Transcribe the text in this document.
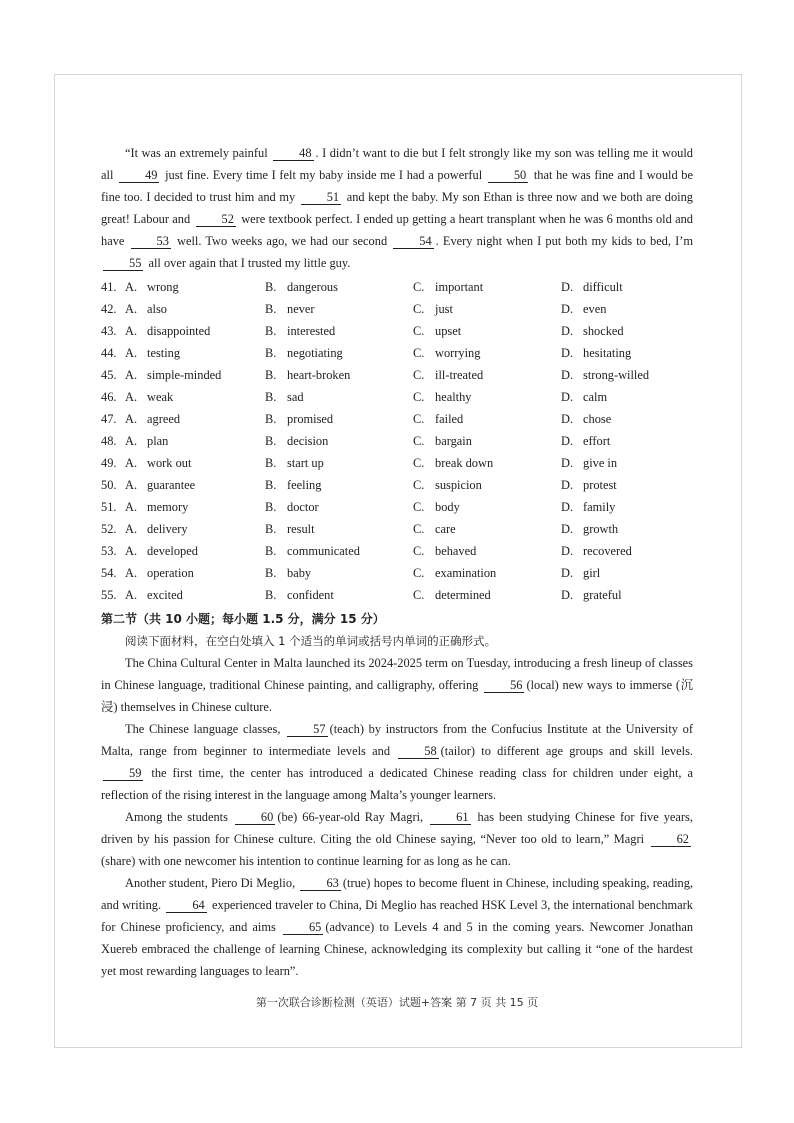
“It was an extremely painful 48 . I didn’t want to die but I felt strongly like my son was telling me it would all 49 just fine. Every time I felt my baby inside me I had a powerful 50 that he was fine and I would be fine too. I decided to trust him and my 51 and kept the baby. My son Ethan is three now and we both are doing great! Labour and 52 were textbook perfect. I ended up getting a heart transplant when he was 6 months old and have 53 well. Two weeks ago, we had our second 54 . Every night when I put both my kids to bed, I’m 55 all over again that I trusted my little guy.

41. A. wrong	B. dangerous	C. important	D. difficult
42. A. also	B. never	C. just	D. even
43. A. disappointed	B. interested	C. upset	D. shocked
44. A. testing	B. negotiating	C. worrying	D. hesitating
45. A. simple-minded	B. heart-broken	C. ill-treated	D. strong-willed
46. A. weak	B. sad	C. healthy	D. calm
47. A. agreed	B. promised	C. failed	D. chose
48. A. plan	B. decision	C. bargain	D. effort
49. A. work out	B. start up	C. break down	D. give in
50. A. guarantee	B. feeling	C. suspicion	D. protest
51. A. memory	B. doctor	C. body	D. family
52. A. delivery	B. result	C. care	D. growth
53. A. developed	B. communicated	C. behaved	D. recovered
54. A. operation	B. baby	C. examination	D. girl
55. A. excited	B. confident	C. determined	D. grateful
第二节（共 10 小题；每小题 1.5 分，满分 15 分）
阅读下面材料，在空白处填入 1 个适当的单词或括号内单词的正确形式。

The China Cultural Center in Malta launched its 2024-2025 term on Tuesday, introducing a fresh lineup of classes in Chinese language, traditional Chinese painting, and calligraphy, offering 56 (local) new ways to immerse (沉浸) themselves in Chinese culture.

The Chinese language classes, 57 (teach) by instructors from the Confucius Institute at the University of Malta, range from beginner to intermediate levels and 58 (tailor) to different age groups and skill levels. 59 the first time, the center has introduced a dedicated Chinese reading class for children under eight, a reflection of the rising interest in the language among Malta’s younger learners.

Among the students 60 (be) 66-year-old Ray Magri, 61 has been studying Chinese for five years, driven by his passion for Chinese culture. Citing the old Chinese saying, “Never too old to learn,” Magri 62(share) with one newcomer his intention to continue learning for as long as he can.

Another student, Piero Di Meglio, 63 (true) hopes to become fluent in Chinese, including speaking, reading, and writing. 64 experienced traveler to China, Di Meglio has reached HSK Level 3, the international benchmark for Chinese proficiency, and aims 65 (advance) to Levels 4 and 5 in the coming years. Newcomer Jonathan Xuereb embraced the challenge of learning Chinese, acknowledging its complexity but calling it “one of the hardest yet most rewarding languages to learn”.

第一次联合诊断检测（英语）试题+答案 第 7 页 共 15 页
